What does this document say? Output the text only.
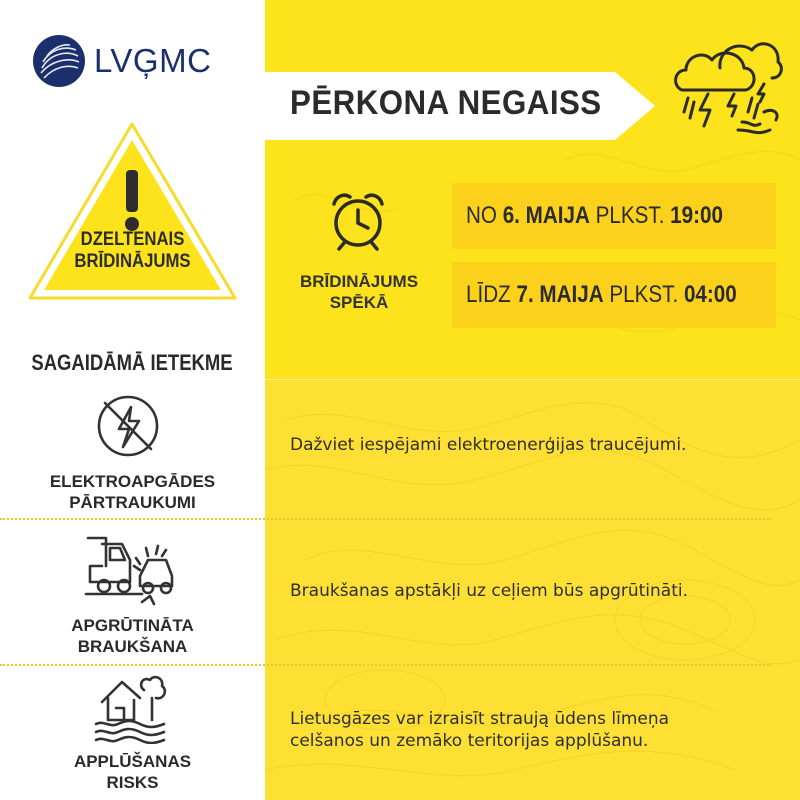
LVĢMC
DZELTENAIS
BRĪDINĀJUMS
PĒRKONA NEGAISS
BRĪDINĀJUMS
SPĒKĀ
NO 6. MAIJA PLKST. 19:00
LĪDZ 7. MAIJA PLKST. 04:00
SAGAIDĀMĀ IETEKME
ELEKTROAPGĀDES
PĀRTRAUKUMI
Dažviet iespējami elektroenerģijas traucējumi.
APGRŪTINĀTA
BRAUKŠANA
Braukšanas apstākļi uz ceļiem būs apgrūtināti.
APPLŪŠANAS
RISKS
Lietusgāzes var izraisīt straują ūdens līmeņa
celšanos un zemāko teritorijas applūšanu.
